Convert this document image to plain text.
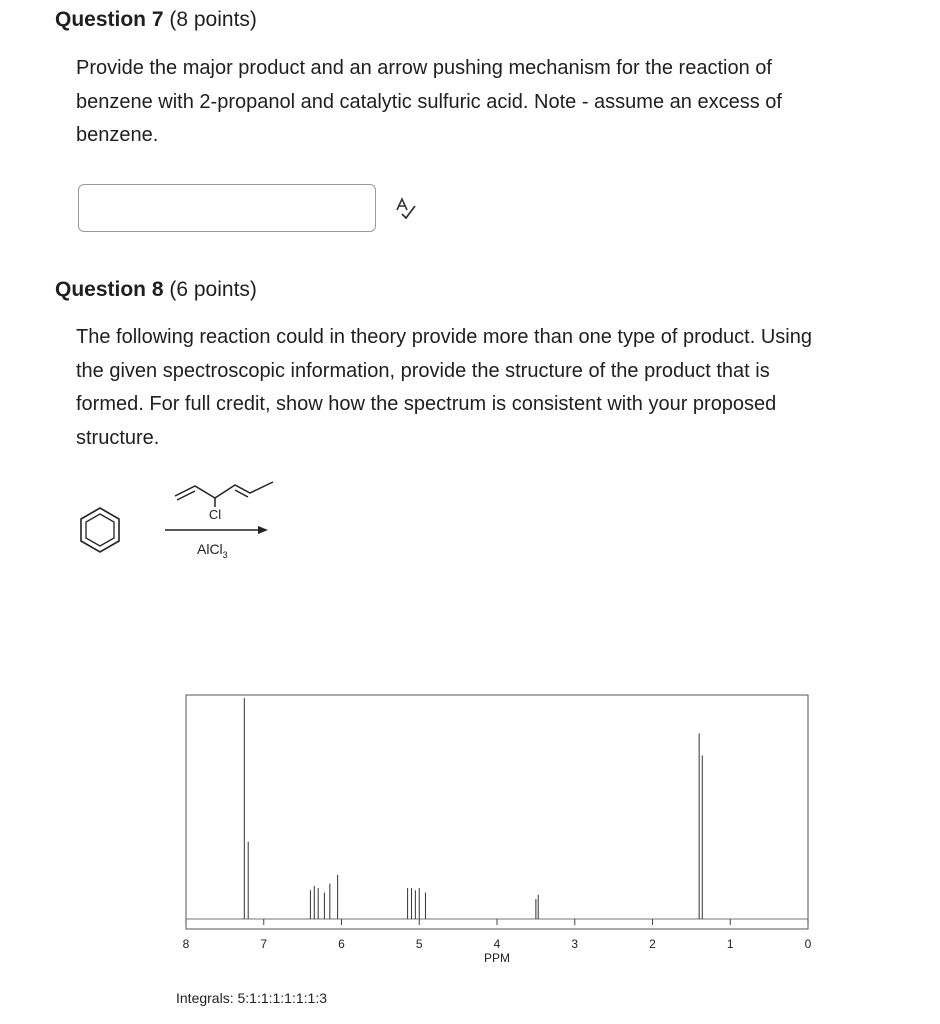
Question 7 (8 points)
Provide the major product and an arrow pushing mechanism for the reaction of
benzene with 2-propanol and catalytic sulfuric acid. Note - assume an excess of
benzene.
Question 8 (6 points)
The following reaction could in theory provide more than one type of product. Using
the given spectroscopic information, provide the structure of the product that is
formed. For full credit, show how the spectrum is consistent with your proposed
structure.
Cl
AlCl$_3$
8	7	6	5	4	3	2	1	0
PPM
Integrals: 5:1:1:1:1:1:1:3
